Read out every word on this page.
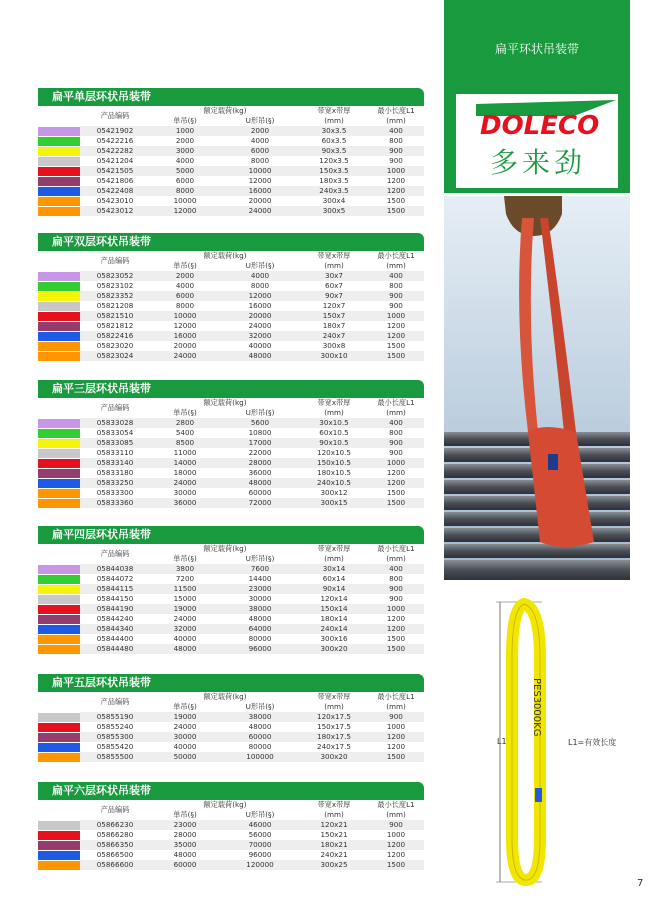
扁平环状吊装带
DOLECO
多来劲
PES3000KG
L1	L1=有效长度
7
扁平单层环状吊装带
	产品编码	额定载荷(kg)		带宽x带厚	最小长度L1
		单吊(§)	U形吊(§)	(mm)	(mm)

	05421902	1000	2000	30x3.5	400

	05422216	2000	4000	60x3.5	800

	05422282	3000	6000	90x3.5	900

	05421204	4000	8000	120x3.5	900

	05421505	5000	10000	150x3.5	1000

	05421806	6000	12000	180x3.5	1200

	05422408	8000	16000	240x3.5	1200

	05423010	10000	20000	300x4	1500

	05423012	12000	24000	300x5	1500
扁平双层环状吊装带
	产品编码	额定载荷(kg)		带宽x带厚	最小长度L1
		单吊(§)	U形吊(§)	(mm)	(mm)

	05823052	2000	4000	30x7	400

	05823102	4000	8000	60x7	800

	05823352	6000	12000	90x7	900

	05821208	8000	16000	120x7	900

	05821510	10000	20000	150x7	1000

	05821812	12000	24000	180x7	1200

	05822416	16000	32000	240x7	1200

	05823020	20000	40000	300x8	1500

	05823024	24000	48000	300x10	1500
扁平三层环状吊装带
	产品编码	额定载荷(kg)		带宽x带厚	最小长度L1
		单吊(§)	U形吊(§)	(mm)	(mm)

	05833028	2800	5600	30x10.5	400

	05833054	5400	10800	60x10.5	800

	05833085	8500	17000	90x10.5	900

	05833110	11000	22000	120x10.5	900

	05833140	14000	28000	150x10.5	1000

	05833180	18000	36000	180x10.5	1200

	05833250	24000	48000	240x10.5	1200

	05833300	30000	60000	300x12	1500

	05833360	36000	72000	300x15	1500
扁平四层环状吊装带
	产品编码	额定载荷(kg)		带宽x带厚	最小长度L1
		单吊(§)	U形吊(§)	(mm)	(mm)

	05844038	3800	7600	30x14	400

	05844072	7200	14400	60x14	800

	05844115	11500	23000	90x14	900

	05844150	15000	30000	120x14	900

	05844190	19000	38000	150x14	1000

	05844240	24000	48000	180x14	1200

	05844340	32000	64000	240x14	1200

	05844400	40000	80000	300x16	1500

	05844480	48000	96000	300x20	1500
扁平五层环状吊装带
	产品编码	额定载荷(kg)		带宽x带厚	最小长度L1
		单吊(§)	U形吊(§)	(mm)	(mm)

	05855190	19000	38000	120x17.5	900

	05855240	24000	48000	150x17.5	1000

	05855300	30000	60000	180x17.5	1200

	05855420	40000	80000	240x17.5	1200

	05855500	50000	100000	300x20	1500
扁平六层环状吊装带
	产品编码	额定载荷(kg)		带宽x带厚	最小长度L1
		单吊(§)	U形吊(§)	(mm)	(mm)

	05866230	23000	46000	120x21	900

	05866280	28000	56000	150x21	1000

	05866350	35000	70000	180x21	1200

	05866500	48000	96000	240x21	1200

	05866600	60000	120000	300x25	1500
